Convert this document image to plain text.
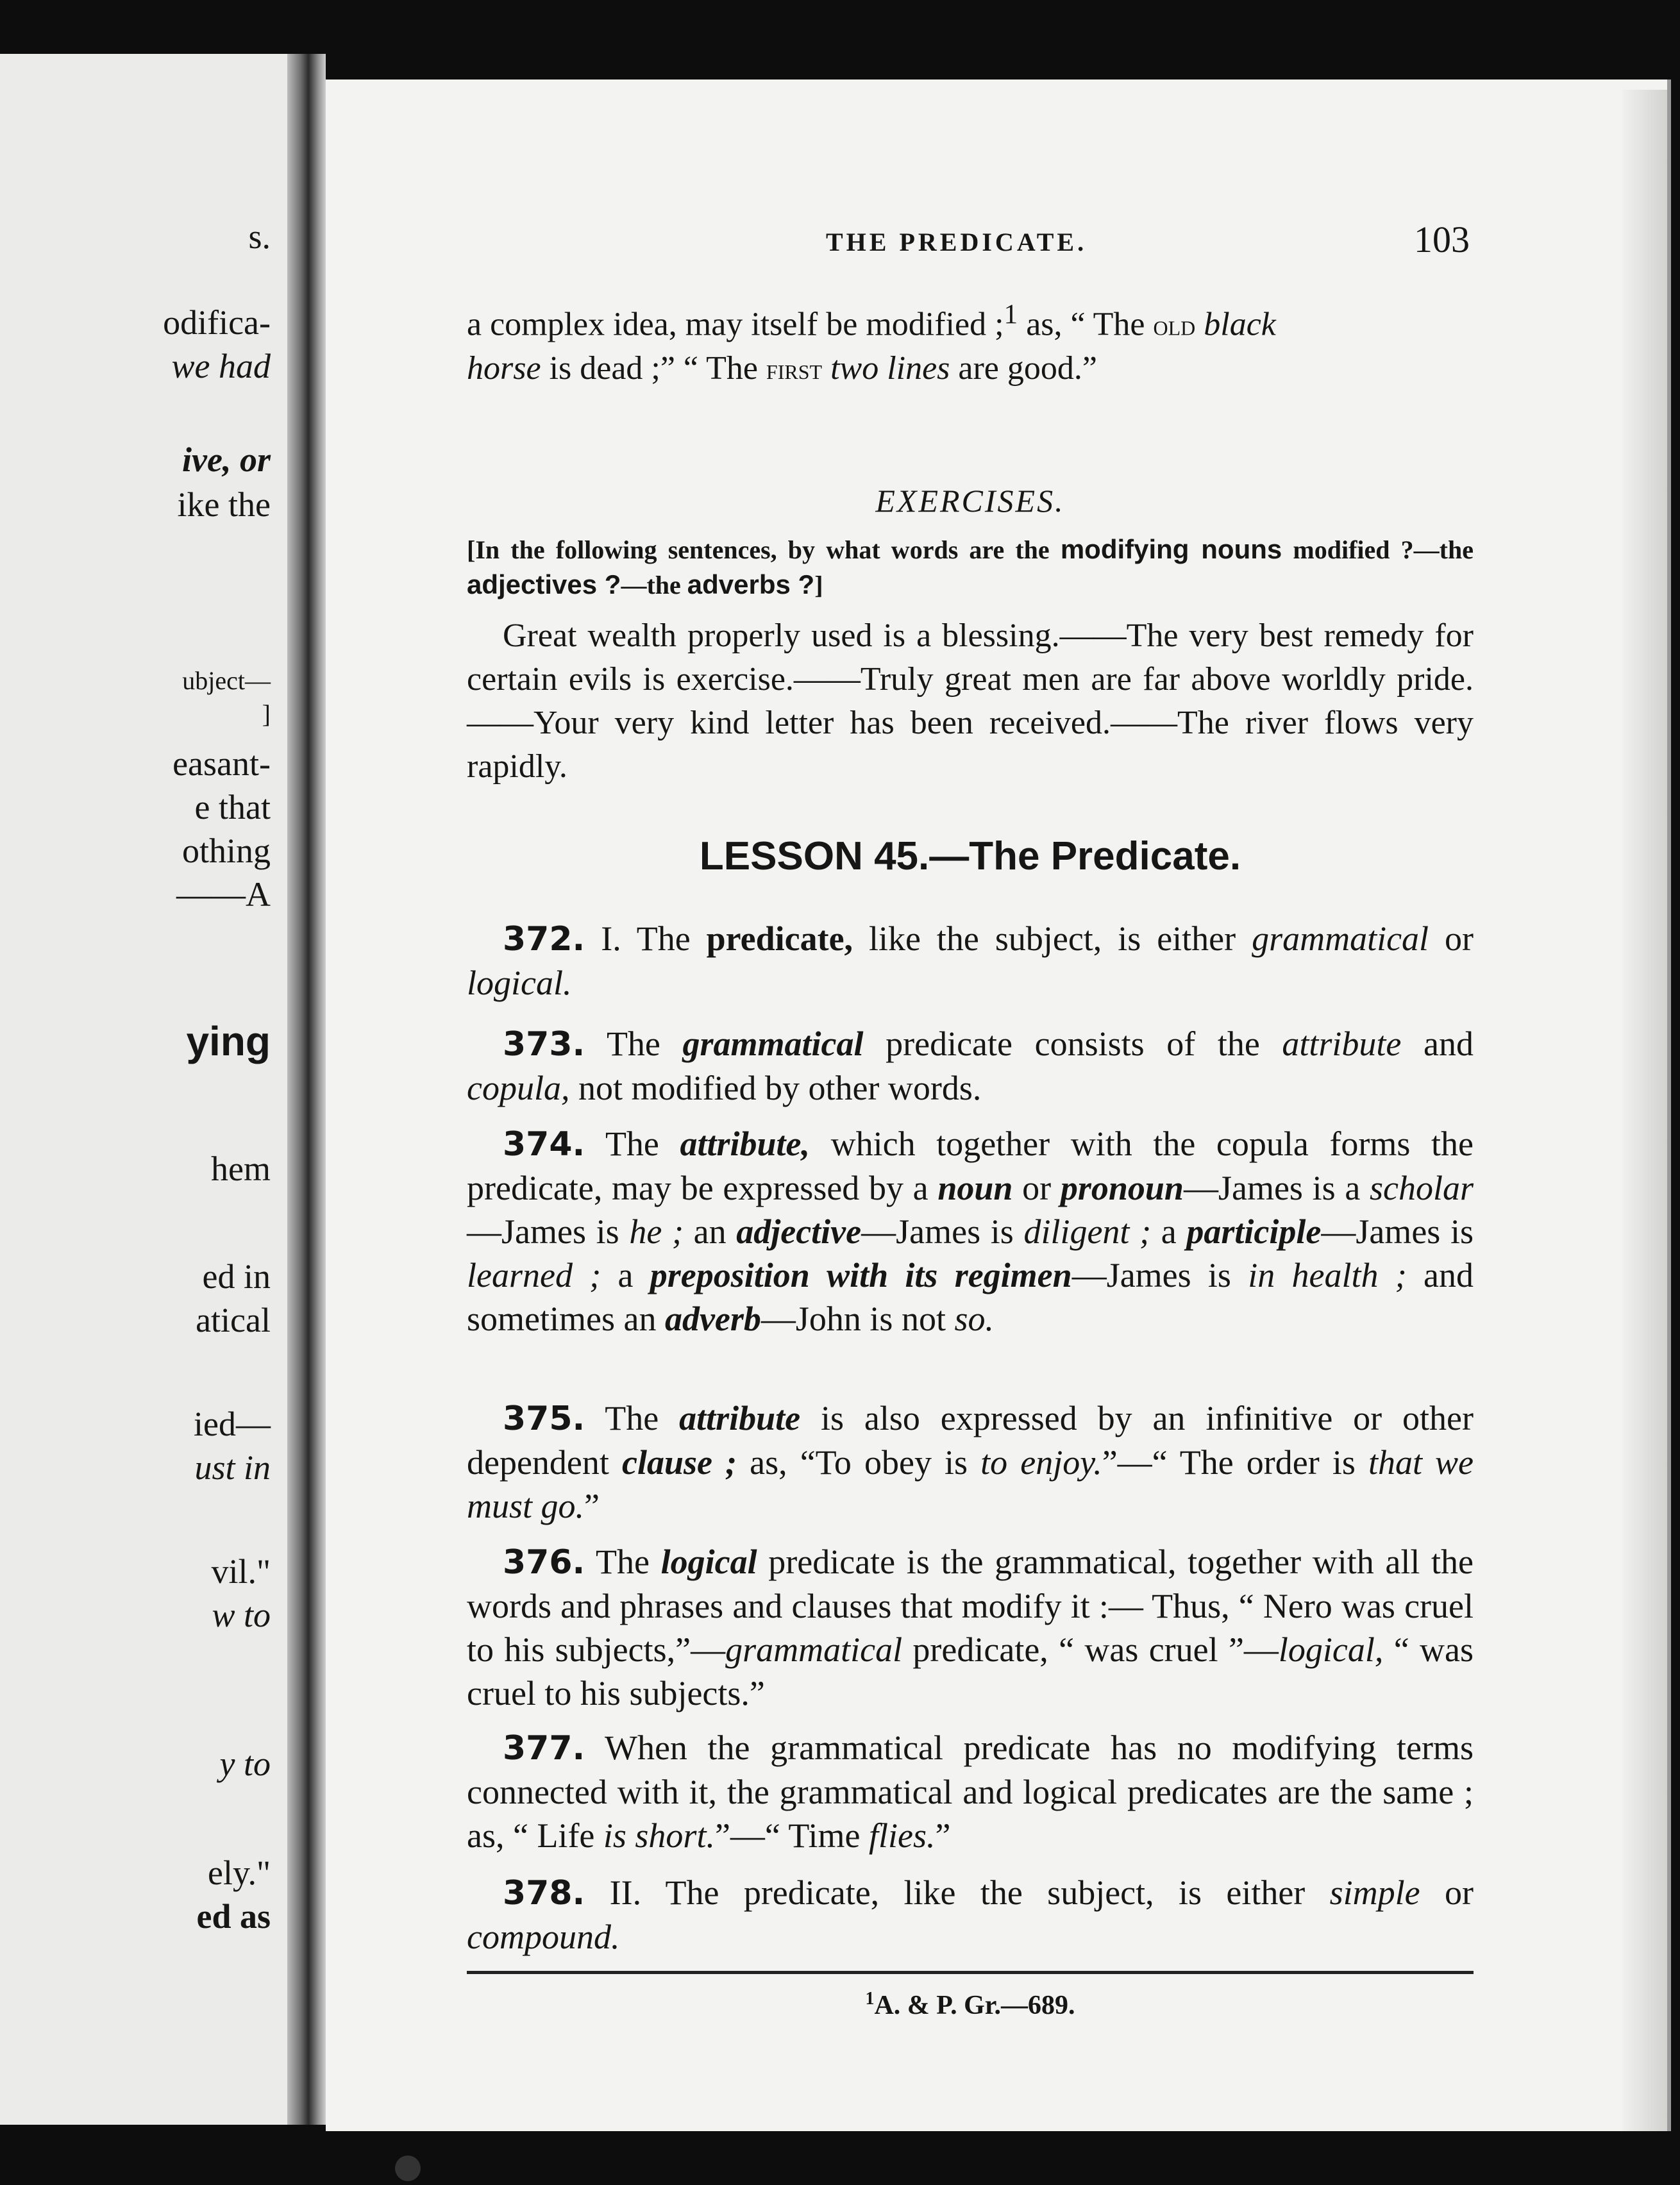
s.
odifica-
we had
ive, or
ike the
ubject—
]
easant-
e that
othing
——A
ying
hem
ed in
atical
ied—
ust in
vil."
w to
y to
ely."
ed as
THE PREDICATE.	103

a complex idea, may itself be modified ;$^1$ as, “ The old black
horse is dead ;” “ The first two lines are good.”

EXERCISES.
[In the following sentences, by what words are the modifying nouns modified ?—the adjectives ?—the adverbs ?]
Great wealth properly used is a blessing.——The very best remedy for certain evils is exercise.——Truly great men are far above worldly pride.——Your very kind letter has been received.——The river flows very rapidly.
LESSON 45.—The Predicate.

372. I. The predicate, like the subject, is either grammatical or logical.

373. The grammatical predicate consists of the attribute and copula, not modified by other words.

374. The attribute, which together with the copula forms the predicate, may be expressed by a noun or pronoun—James is a scholar—James is he ; an adjective—James is diligent ; a participle—James is learned ; a preposition with its regimen—James is in health ; and sometimes an adverb—John is not so.

375. The attribute is also expressed by an infinitive or other dependent clause ; as, “To obey is to enjoy.”—“ The order is that we must go.”

376. The logical predicate is the grammatical, together with all the words and phrases and clauses that modify it :— Thus, “ Nero was cruel to his subjects,”—grammatical predicate, “ was cruel ”—logical, “ was cruel to his subjects.”

377. When the grammatical predicate has no modifying terms connected with it, the grammatical and logical predicates are the same ; as, “ Life is short.”—“ Time flies.”

378. II. The predicate, like the subject, is either simple or compound.

$^1$A. & P. Gr.—689.
